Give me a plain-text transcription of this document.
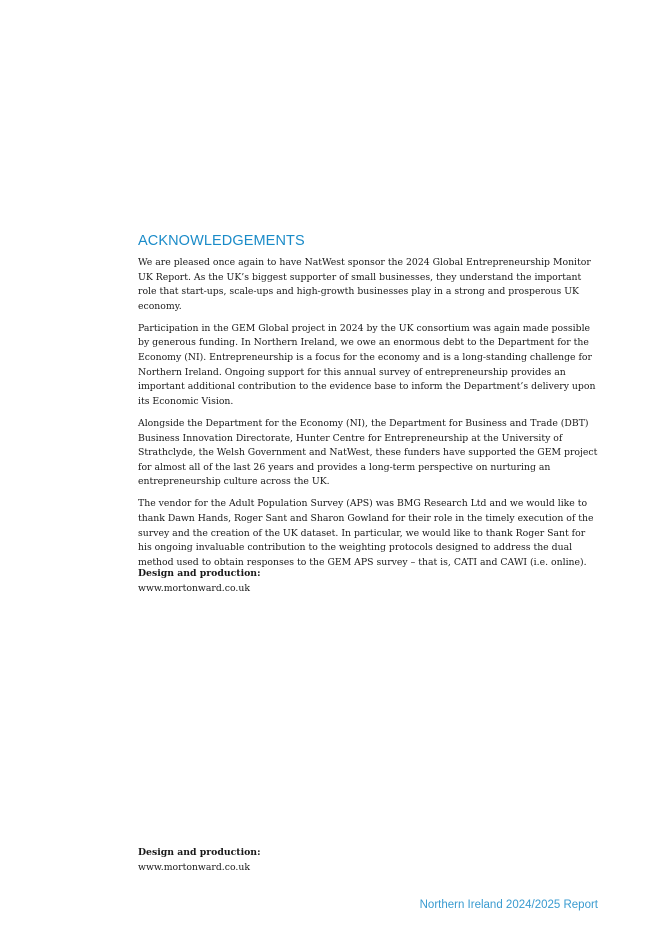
ACKNOWLEDGEMENTS

We are pleased once again to have NatWest sponsor the 2024 Global Entrepreneurship Monitor UK Report. As the UK’s biggest supporter of small businesses, they understand the important role that start-ups, scale-ups and high-growth businesses play in a strong and prosperous UK economy.

Participation in the GEM Global project in 2024 by the UK consortium was again made possible by generous funding. In Northern Ireland, we owe an enormous debt to the Department for the Economy (NI). Entrepreneurship is a focus for the economy and is a long-standing challenge for Northern Ireland. Ongoing support for this annual survey of entrepreneurship provides an important additional contribution to the evidence base to inform the Department’s delivery upon its Economic Vision.

Alongside the Department for the Economy (NI), the Department for Business and Trade (DBT) Business Innovation Directorate, Hunter Centre for Entrepreneurship at the University of Strathclyde, the Welsh Government and NatWest, these funders have supported the GEM project for almost all of the last 26 years and provides a long-term perspective on nurturing an entrepreneurship culture across the UK.

The vendor for the Adult Population Survey (APS) was BMG Research Ltd and we would like to thank Dawn Hands, Roger Sant and Sharon Gowland for their role in the timely execution of the survey and the creation of the UK dataset. In particular, we would like to thank Roger Sant for his ongoing invaluable contribution to the weighting protocols designed to address the dual method used to obtain responses to the GEM APS survey – that is, CATI and CAWI (i.e. online).

Design and production:
www.mortonward.co.uk
Design and production:
www.mortonward.co.uk
Northern Ireland 2024/2025 Report
